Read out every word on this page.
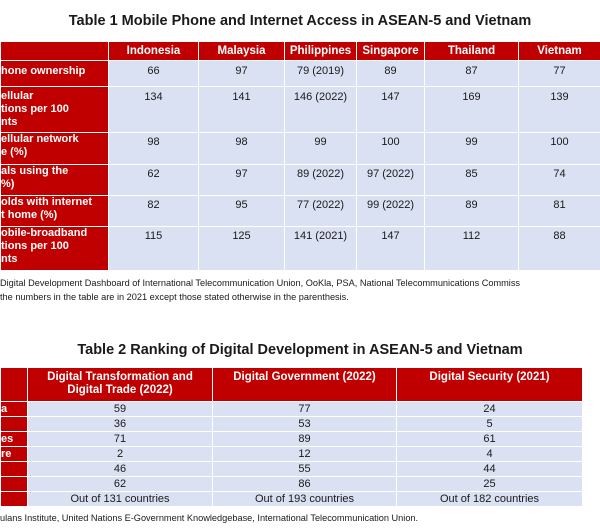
Table 1 Mobile Phone and Internet Access in ASEAN-5 and Vietnam
	Indonesia	Malaysia	Philippines	Singapore	Thailand	Vietnam

hone ownership	66	97	79 (2019)	89	87	77

ellular
tions per 100
nts	134	141	146 (2022)	147	169	139

ellular network
e (%)	98	98	99	100	99	100

als using the
%)	62	97	89 (2022)	97 (2022)	85	74

olds with internet
t home (%)	82	95	77 (2022)	99 (2022)	89	81

obile-broadband
tions per 100
nts	115	125	141 (2021)	147	112	88
Digital Development Dashboard of International Telecommunication Union, OoKla, PSA, National Telecommunications Commiss
the numbers in the table are in 2021 except those stated otherwise in the parenthesis.
Table 2 Ranking of Digital Development in ASEAN-5 and Vietnam
	Digital Transformation and Digital Trade (2022)	Digital Government (2022)	Digital Security (2021)
a	59	77	24
	36	53	5
es	71	89	61
re	2	12	4
	46	55	44
	62	86	25
	Out of 131 countries	Out of 193 countries	Out of 182 countries
ulans Institute, United Nations E-Government Knowledgebase, International Telecommunication Union.
